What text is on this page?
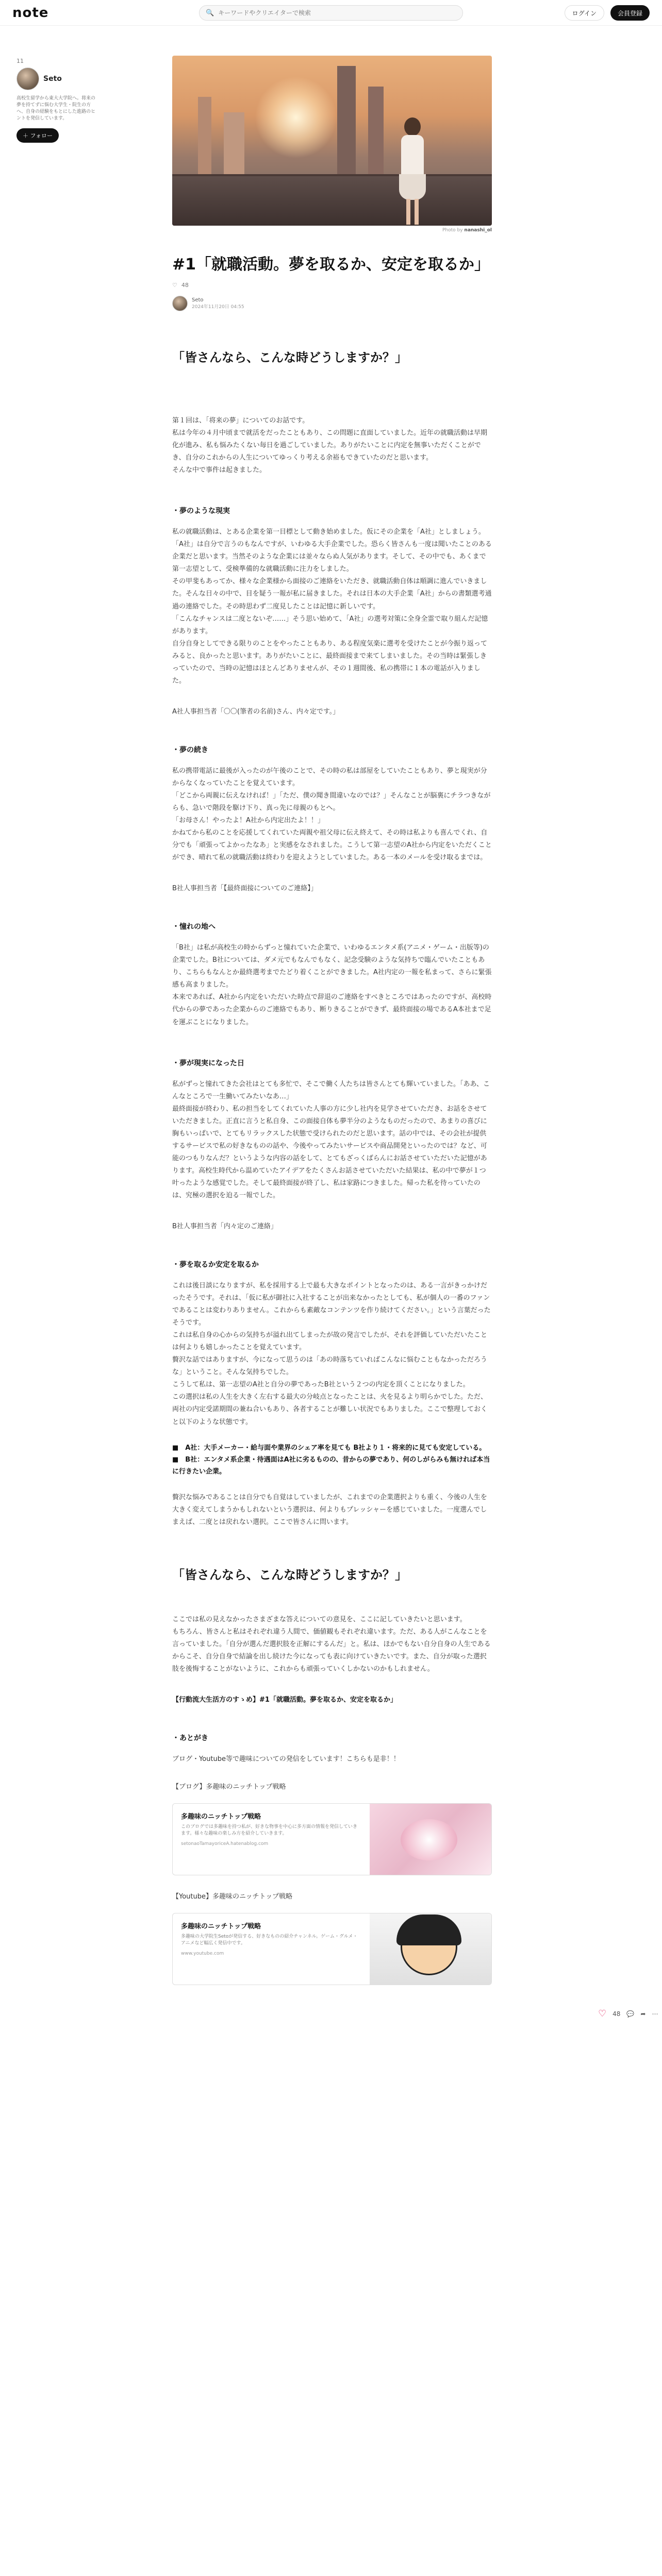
note	🔍
キーワードやクリエイターで検索	ログイン	会員登録
11
Seto
高校生留学から東大大学院へ。将来の夢を持てずに悩む大学生・院生の方へ、自身の経験をもとにした進路のヒントを発信しています。
＋ フォロー
Photo by nanashi_ol
#1「就職活動。夢を取るか、安定を取るか」
♡ 48
Seto
2024年11月20日 04:55
「皆さんなら、こんな時どうしますか？」
第１回は、「将来の夢」についてのお話です。
私は今年の４月中頃まで就活をだったこともあり、この問題に直面していました。近年の就職活動は早期化が進み、私も悩みたくない毎日を過ごしていました。ありがたいことに内定を無事いただくことができ、自分のこれからの人生についてゆっくり考える余裕もできていたのだと思います。
そんな中で事件は起きました。
・夢のような現実
私の就職活動は、とある企業を第一目標として動き始めました。仮にその企業を「A社」としましょう。「A社」は自分で言うのもなんですが、いわゆる大手企業でした。恐らく皆さんも一度は聞いたことのある企業だと思います。当然そのような企業には並々ならぬ人気があります。そして、その中でも、あくまで第一志望として、受検準備的な就職活動に注力をしました。
その甲斐もあってか、様々な企業様から面接のご連絡をいただき、就職活動自体は順調に進んでいきました。そんな日々の中で、目を疑う一報が私に届きました。それは日本の大手企業「A社」からの書類選考通過の連絡でした。その時思わず二度見したことは記憶に新しいです。
「こんなチャンスは二度とないぞ……」そう思い始めて、「A社」の選考対策に全身全霊で取り組んだ記憶があります。
自分自身としてできる限りのことをやったこともあり、ある程度気楽に選考を受けたことが今振り返ってみると、良かったと思います。ありがたいことに、最終面接まで来てしまいました。その当時は緊張しきっていたので、当時の記憶はほとんどありませんが、その１週間後、私の携帯に１本の電話が入りました。
A社人事担当者「〇〇(筆者の名前)さん、内々定です。」
・夢の続き
私の携帯電話に最後が入ったのが午後のことで、その時の私は部屋をしていたこともあり、夢と現実が分からなくなっていたことを覚えています。
「どこから両親に伝えなければ！」「ただ、僕の聞き間違いなのでは？」そんなことが脳裏にチラつきながらも、急いで階段を駆け下り、真っ先に母親のもとへ。
「お母さん！やったよ！A社から内定出たよ！！」
かねてから私のことを応援してくれていた両親や祖父母に伝え終えて、その時は私よりも喜んでくれ、自分でも「頑張ってよかったなあ」と実感をなされました。こうして第一志望のA社から内定をいただくことができ、晴れて私の就職活動は終わりを迎えようとしていました。ある一本のメールを受け取るまでは。
B社人事担当者「【最終面接についてのご連絡】」
・憧れの地へ
「B社」は私が高校生の時からずっと憧れていた企業で、いわゆるエンタメ系(アニメ・ゲーム・出版等)の企業でした。B社については、ダメ元でもなんでもなく、記念受験のような気持ちで臨んでいたこともあり、こちらもなんとか最終選考までたどり着くことができました。A社内定の一報を私まって、さらに緊張感も高まりました。
本来であれば、A社から内定をいただいた時点で辞退のご連絡をすべきところではあったのですが、高校時代からの夢であった企業からのご連絡でもあり、断りきることができず、最終面接の場であるA本社まで足を運ぶことになりました。
・夢が現実になった日
私がずっと憧れてきた会社はとても多忙で、そこで働く人たちは皆さんとても輝いていました。「ああ、こんなところで一生働いてみたいなあ…」
最終面接が終わり、私の担当をしてくれていた人事の方に少し社内を見学させていただき、お話をさせていただきました。正直に言うと私自身、この面接自体も夢半分のようなものだったので、あまりの喜びに胸もいっぱいで、とてもリラックスした状態で受けられたのだと思います。話の中では、その会社が提供するサービスで私の好きなものの話や、今後やってみたいサービスや商品開発といったのでは？など、可能のつもりなんだ？というような内容の話をして、とてもざっくばらんにお話させていただいた記憶があります。高校生時代から温めていたアイデアをたくさんお話させていただいた結果は、私の中で夢が１つ叶ったような感覚でした。そして最終面接が終了し、私は家路につきました。帰った私を待っていたのは、究極の選択を迫る一報でした。
B社人事担当者「内々定のご連絡」
・夢を取るか安定を取るか
これは後日談になりますが、私を採用する上で最も大きなポイントとなったのは、ある一言がきっかけだったそうです。それは、「仮に私が御社に入社することが出来なかったとしても、私が個人の一番のファンであることは変わりありません。これからも素敵なコンテンツを作り続けてください。」という言葉だったそうです。
これは私自身の心からの気持ちが溢れ出てしまったが故の発言でしたが、それを評価していただいたことは何よりも嬉しかったことを覚えています。
贅沢な話ではありますが、今になって思うのは「あの時落ちていればこんなに悩むこともなかっただろうな」ということ。そんな気持ちでした。
こうして私は、第一志望のA社と自分の夢であったB社という２つの内定を頂くことになりました。
この選択は私の人生を大きく左右する最大の分岐点となったことは、火を見るより明らかでした。ただ、両社の内定受諾期間の兼ね合いもあり、各者することが難しい状況でもありました。ここで整理しておくと以下のような状態です。
■　A社：大手メーカー・給与面や業界のシェア率を見ても B社より１・将来的に見ても安定している。
■　B社：エンタメ系企業・待遇面はA社に劣るものの、昔からの夢であり、何のしがらみも無ければ本当に行きたい企業。
贅沢な悩みであることは自分でも自覚はしていましたが、これまでの企業選択よりも重く、今後の人生を大きく変えてしまうかもしれないという選択は、何よりもプレッシャーを感じていました。一度選んでしまえば、二度とは戻れない選択。ここで皆さんに問います。
「皆さんなら、こんな時どうしますか？」
ここでは私の見えなかったさまざまな答えについての意見を、ここに記していきたいと思います。
もちろん、皆さんと私はそれぞれ違う人間で、価値観もそれぞれ違います。ただ、ある人がこんなことを言っていました。「自分が選んだ選択肢を正解にするんだ」と。私は、ほかでもない自分自身の人生であるからこそ、自分自身で結論を出し続けた今になっても表に向けていきたいです。また、自分が取った選択肢を後悔することがないように、これからも頑張っていくしかないのかもしれません。
【行動流大生活方のすゝめ】#1「就職活動。夢を取るか、安定を取るか」
・あとがき
ブログ・Youtube等で趣味についての発信をしています！こちらも是非！！
【ブログ】多趣味のニッチトップ戦略
多趣味のニッチトップ戦略
このブログでは多趣味を持つ私が、好きな物事を中心に多方面の情報を発信していきます。様々な趣味の楽しみ方を紹介していきます。
setonaoTamayoriceA.hatenablog.com
【Youtube】多趣味のニッチトップ戦略
多趣味のニッチトップ戦略
多趣味の大学院生Setoが発信する、好きなものの紹介チャンネル。ゲーム・グルメ・アニメなど幅広く発信中です。
www.youtube.com
♡ 48 💬 ➦ ⋯
